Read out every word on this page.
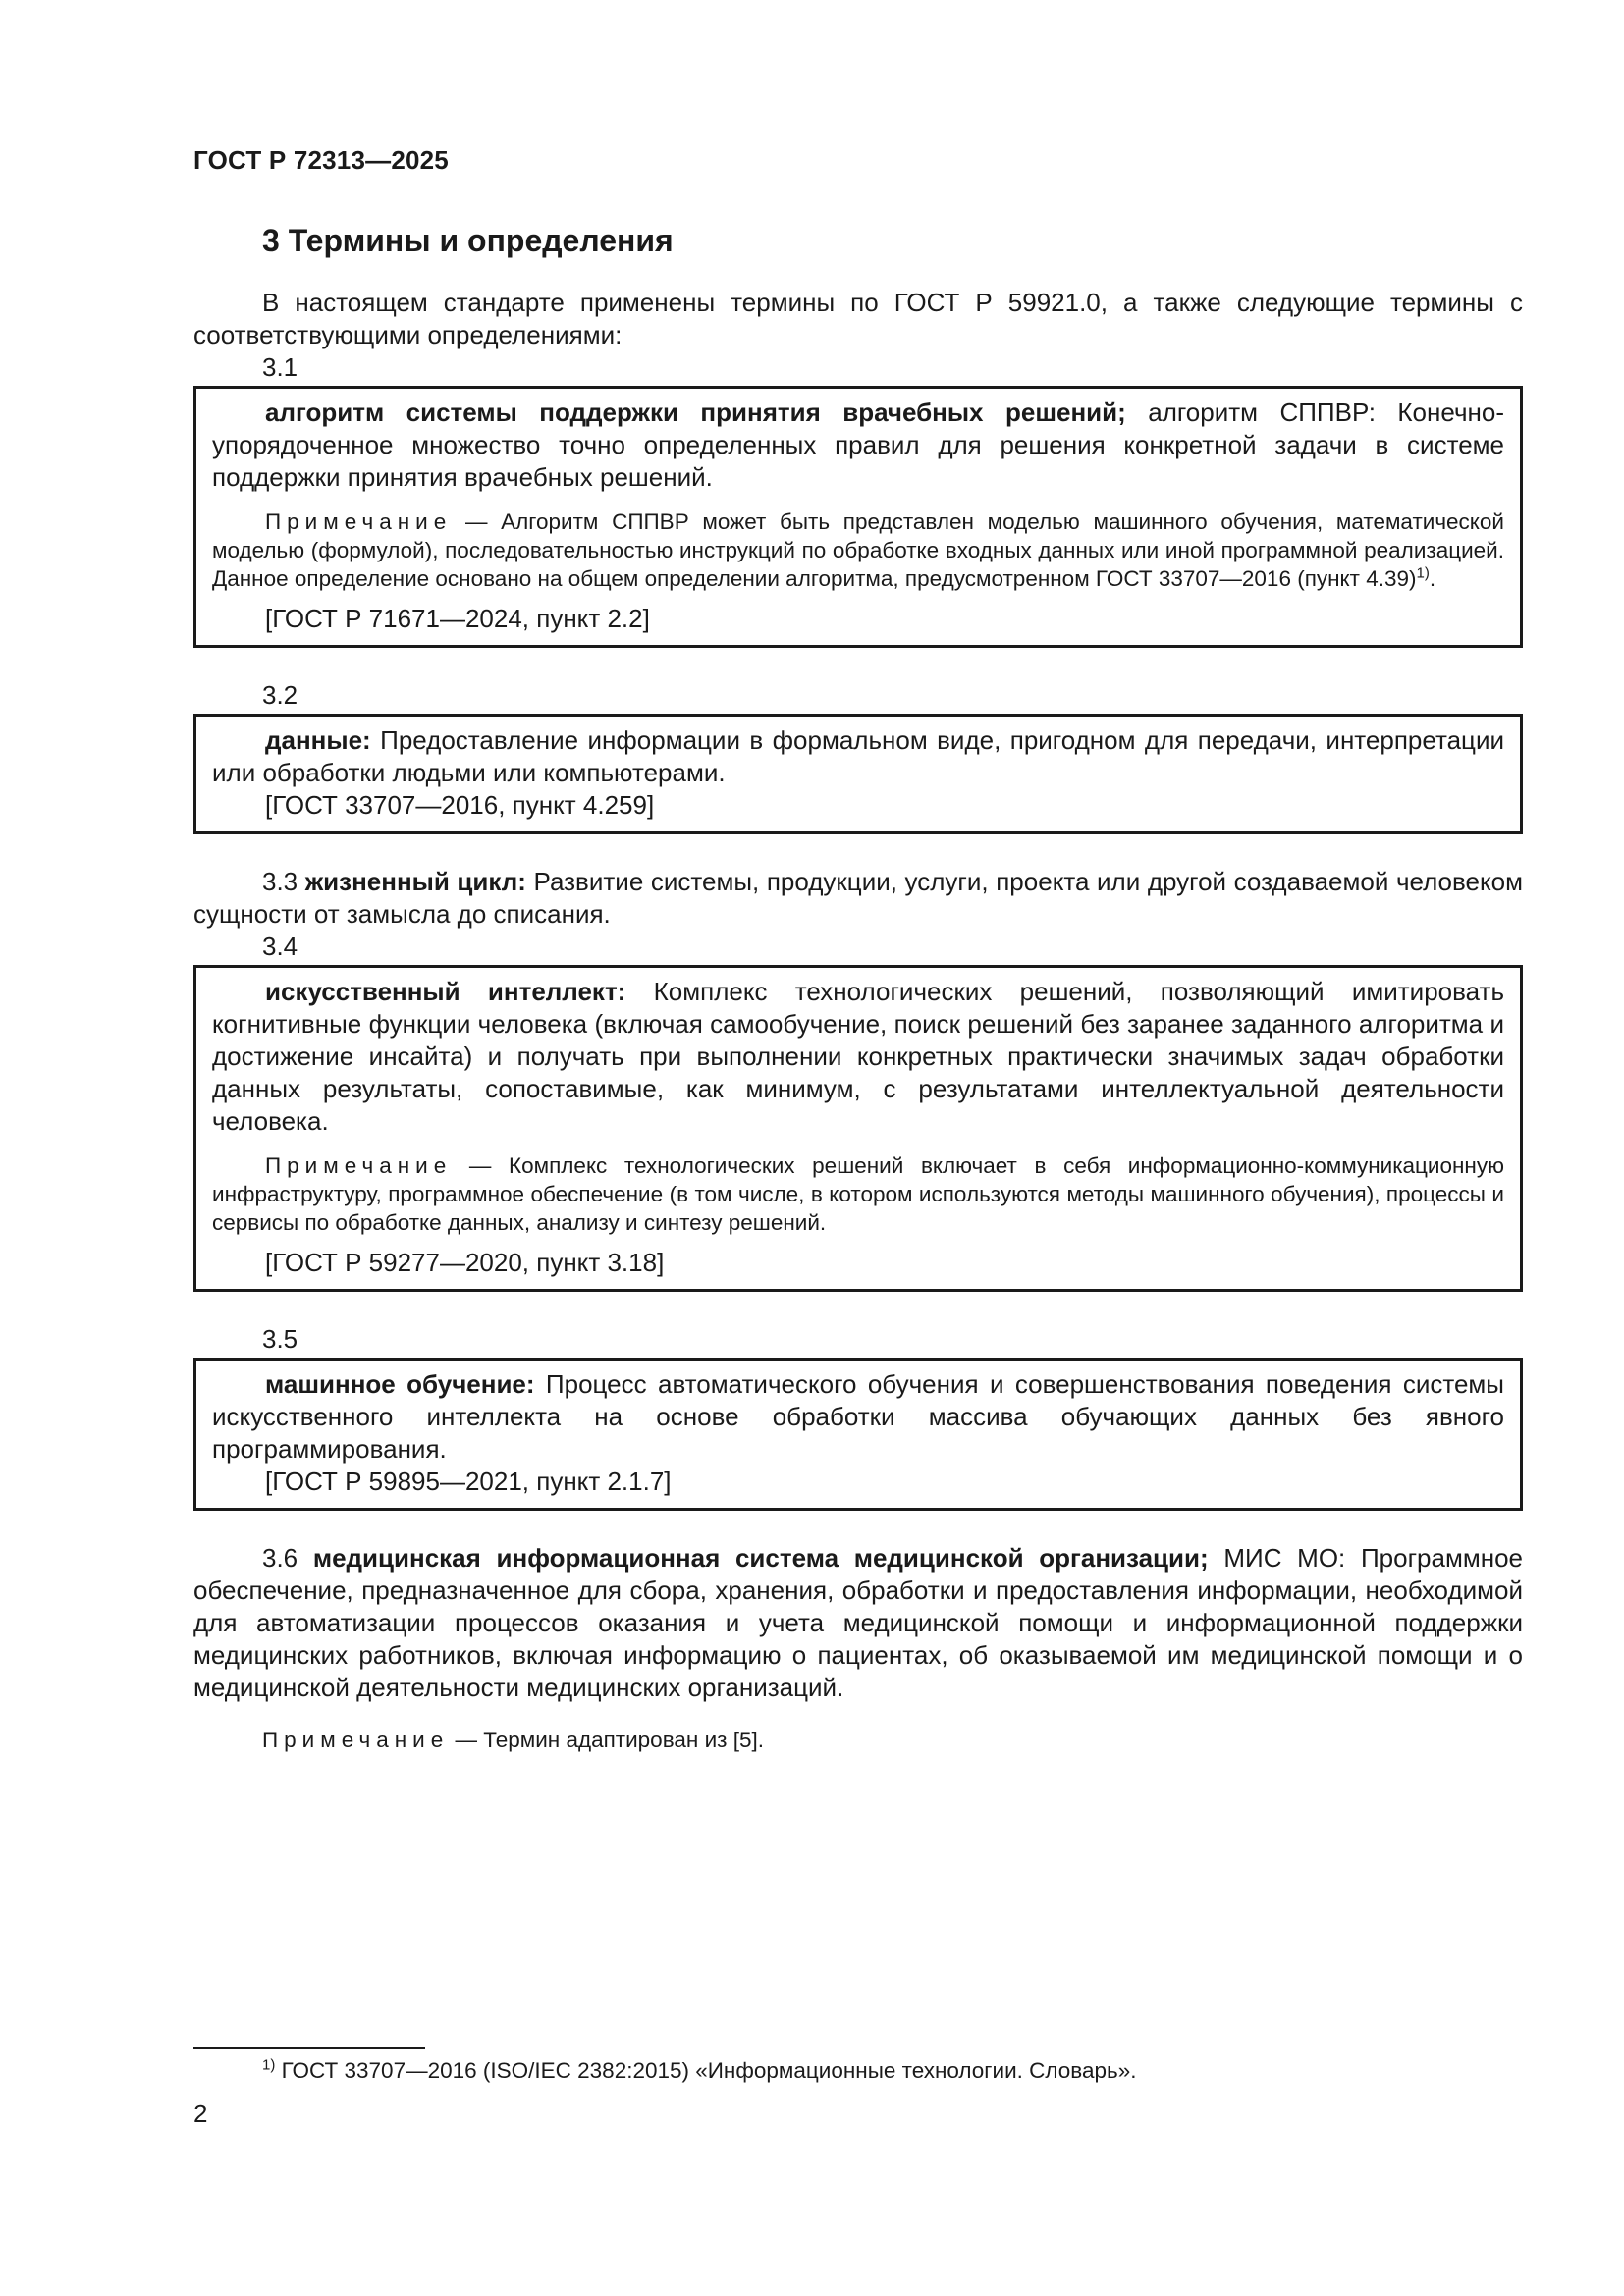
ГОСТ Р 72313—2025
3 Термины и определения

В настоящем стандарте применены термины по ГОСТ Р 59921.0, а также следующие термины с соответствующими определениями:

3.1

алгоритм системы поддержки принятия врачебных решений; алгоритм СППВР: Конечно-упорядоченное множество точно определенных правил для решения конкретной задачи в системе поддержки принятия врачебных решений.

Примечание — Алгоритм СППВР может быть представлен моделью машинного обучения, математической моделью (формулой), последовательностью инструкций по обработке входных данных или иной программной реализацией. Данное определение основано на общем определении алгоритма, предусмотренном ГОСТ 33707—2016 (пункт 4.39)$^{1)}$.

[ГОСТ Р 71671—2024, пункт 2.2]
3.2

данные: Предоставление информации в формальном виде, пригодном для передачи, интерпретации или обработки людьми или компьютерами.

[ГОСТ 33707—2016, пункт 4.259]

3.3 жизненный цикл: Развитие системы, продукции, услуги, проекта или другой создаваемой человеком сущности от замысла до списания.

3.4

искусственный интеллект: Комплекс технологических решений, позволяющий имитировать когнитивные функции человека (включая самообучение, поиск решений без заранее заданного алгоритма и достижение инсайта) и получать при выполнении конкретных практически значимых задач обработки данных результаты, сопоставимые, как минимум, с результатами интеллектуальной деятельности человека.

Примечание — Комплекс технологических решений включает в себя информационно-коммуникационную инфраструктуру, программное обеспечение (в том числе, в котором используются методы машинного обучения), процессы и сервисы по обработке данных, анализу и синтезу решений.

[ГОСТ Р 59277—2020, пункт 3.18]
3.5

машинное обучение: Процесс автоматического обучения и совершенствования поведения системы искусственного интеллекта на основе обработки массива обучающих данных без явного программирования.

[ГОСТ Р 59895—2021, пункт 2.1.7]

3.6 медицинская информационная система медицинской организации; МИС МО: Программное обеспечение, предназначенное для сбора, хранения, обработки и предоставления информации, необходимой для автоматизации процессов оказания и учета медицинской помощи и информационной поддержки медицинских работников, включая информацию о пациентах, об оказываемой им медицинской помощи и о медицинской деятельности медицинских организаций.

Примечание — Термин адаптирован из [5].

$^{1)}$ ГОСТ 33707—2016 (ISO/IEC 2382:2015) «Информационные технологии. Словарь».
2
